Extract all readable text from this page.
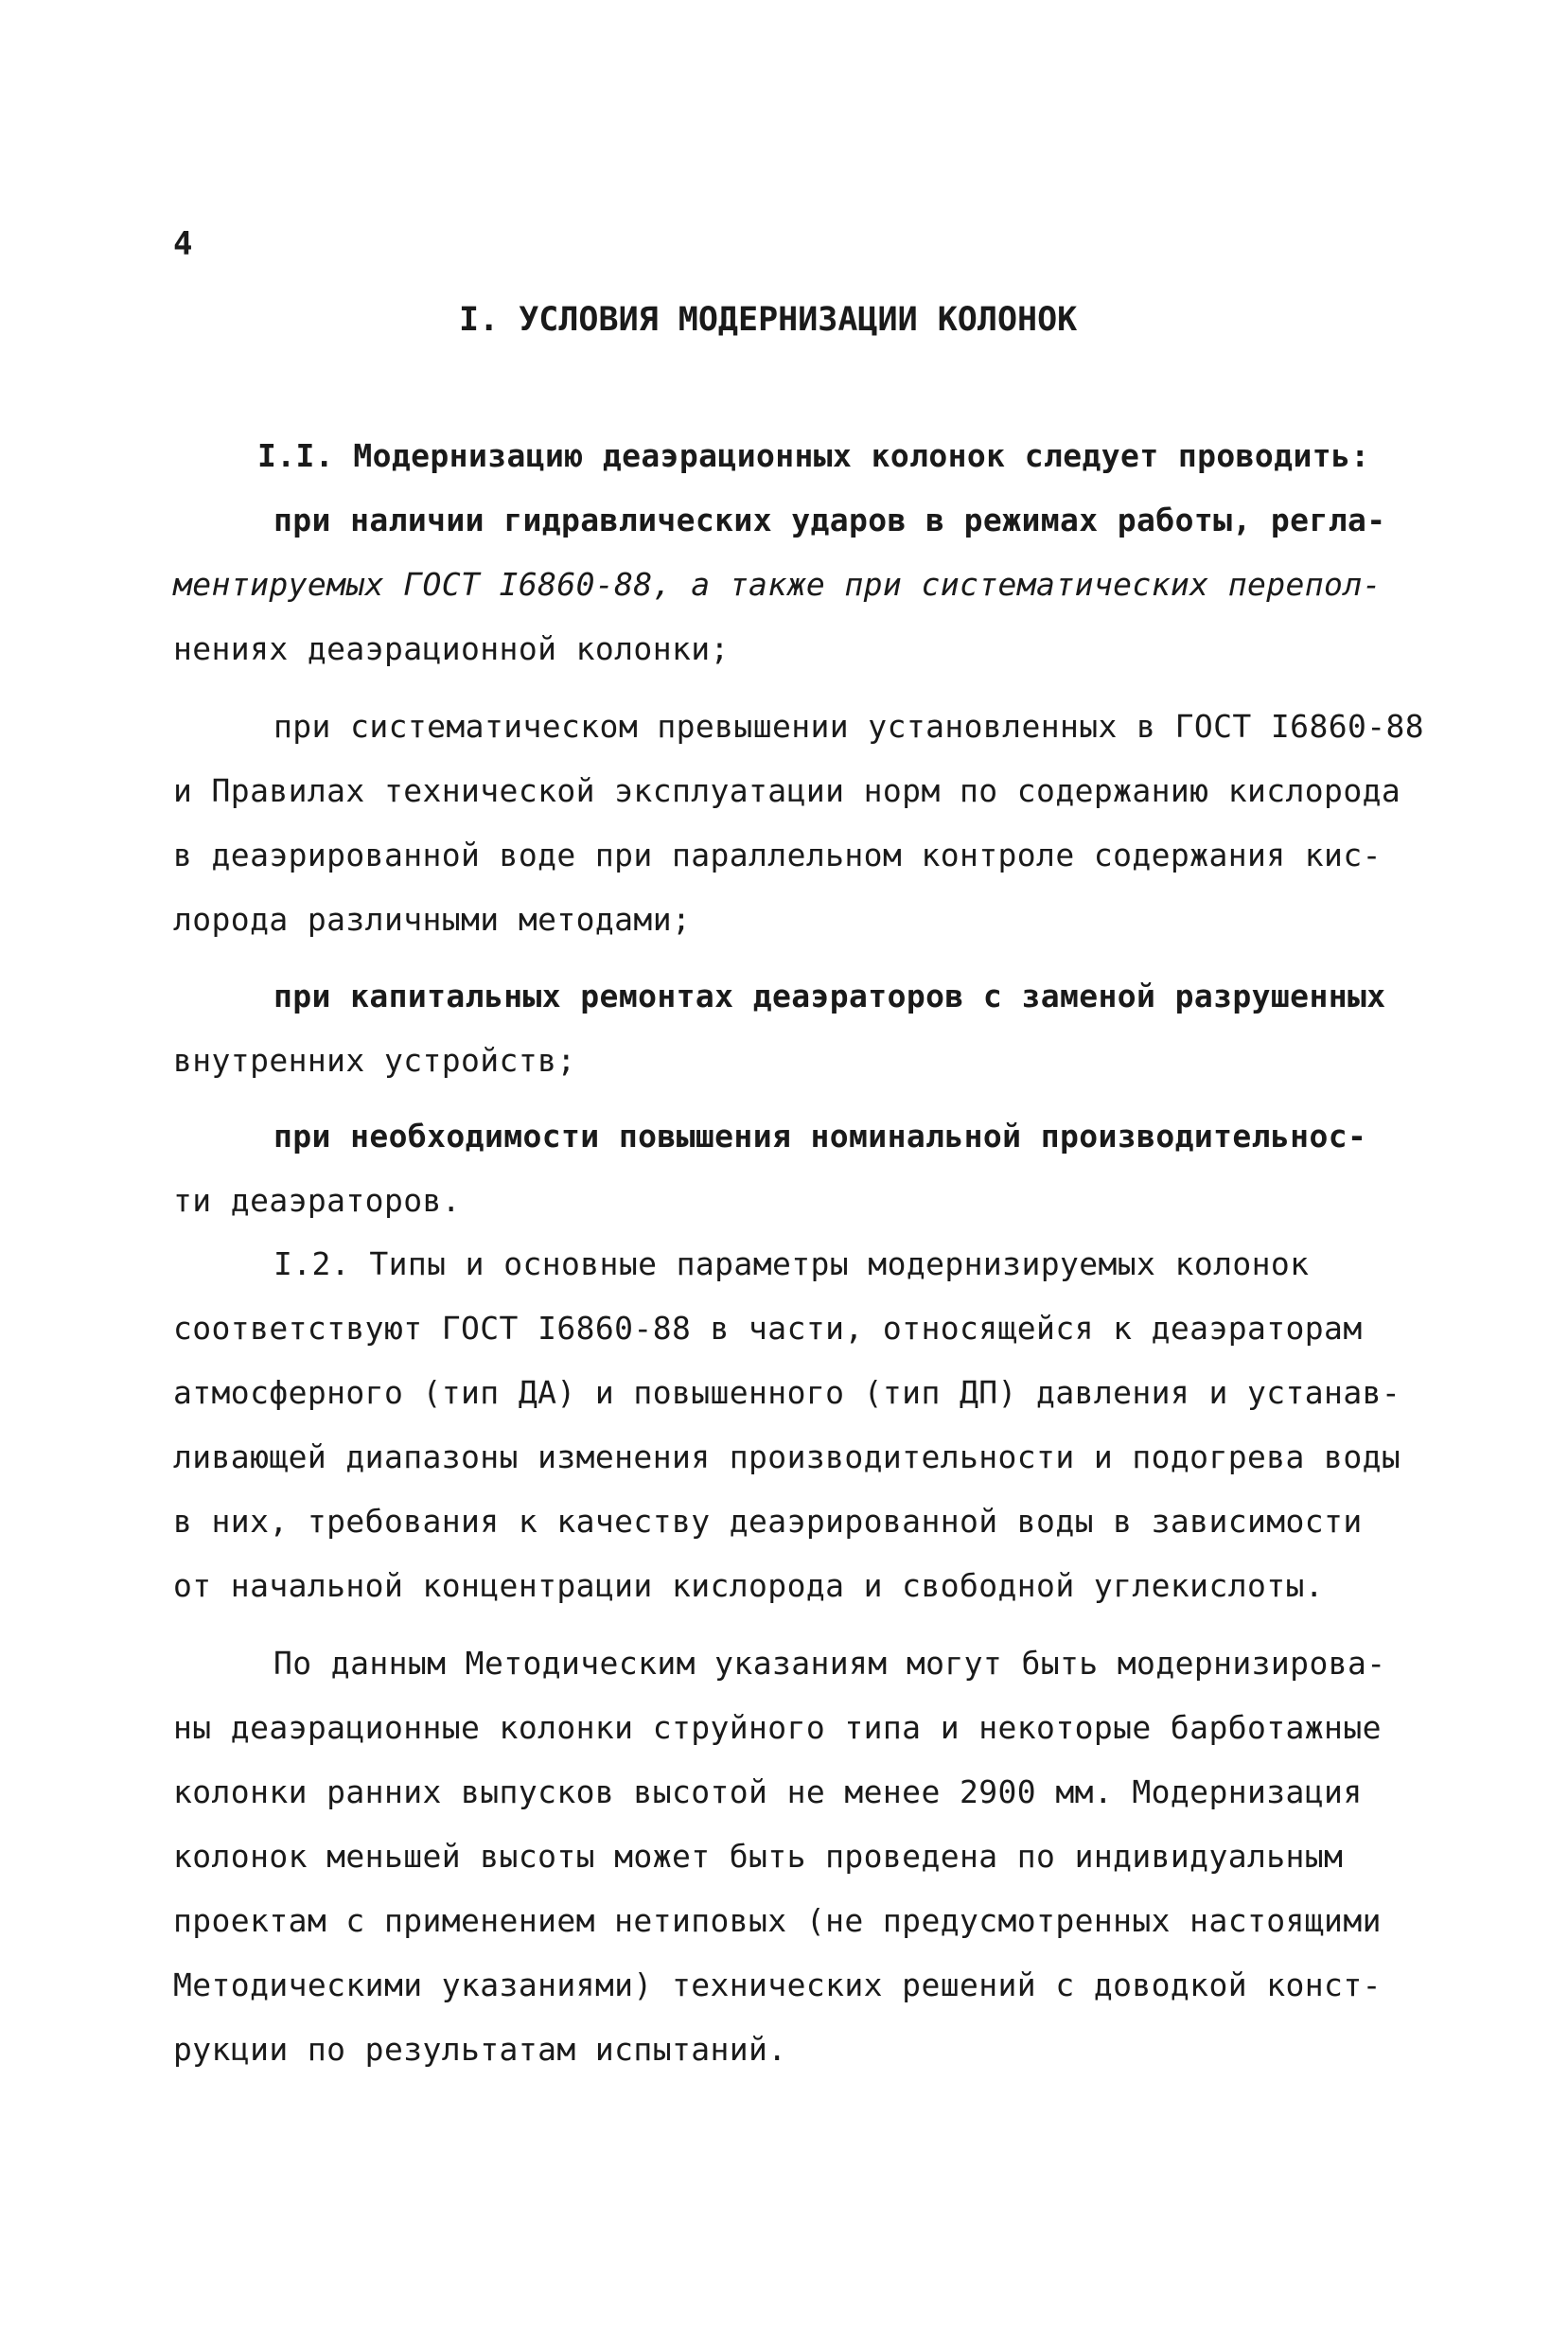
4

I. УСЛОВИЯ МОДЕРНИЗАЦИИ КОЛОНОК

I.I. Модернизацию деаэрационных колонок следует проводить:

при наличии гидравлических ударов в режимах работы, регла-

ментируемых ГОСТ I6860-88, а также при систематических перепол-

нениях деаэрационной колонки;

при систематическом превышении установленных в ГОСТ I6860-88

и Правилах технической эксплуатации норм по содержанию кислорода

в деаэрированной воде при параллельном контроле содержания кис-

лорода различными методами;

при капитальных ремонтах деаэраторов с заменой разрушенных

внутренних устройств;

при необходимости повышения номинальной производительнос-

ти деаэраторов.

I.2. Типы и основные параметры модернизируемых колонок

соответствуют ГОСТ I6860-88 в части, относящейся к деаэраторам

атмосферного (тип ДА) и повышенного (тип ДП) давления и устанав-

ливающей диапазоны изменения производительности и подогрева воды

в них, требования к качеству деаэрированной воды в зависимости

от начальной концентрации кислорода и свободной углекислоты.

По данным Методическим указаниям могут быть модернизирова-

ны деаэрационные колонки струйного типа и некоторые барботажные

колонки ранних выпусков высотой не менее 2900 мм. Модернизация

колонок меньшей высоты может быть проведена по индивидуальным

проектам с применением нетиповых (не предусмотренных настоящими

Методическими указаниями) технических решений с доводкой конст-

рукции по результатам испытаний.
